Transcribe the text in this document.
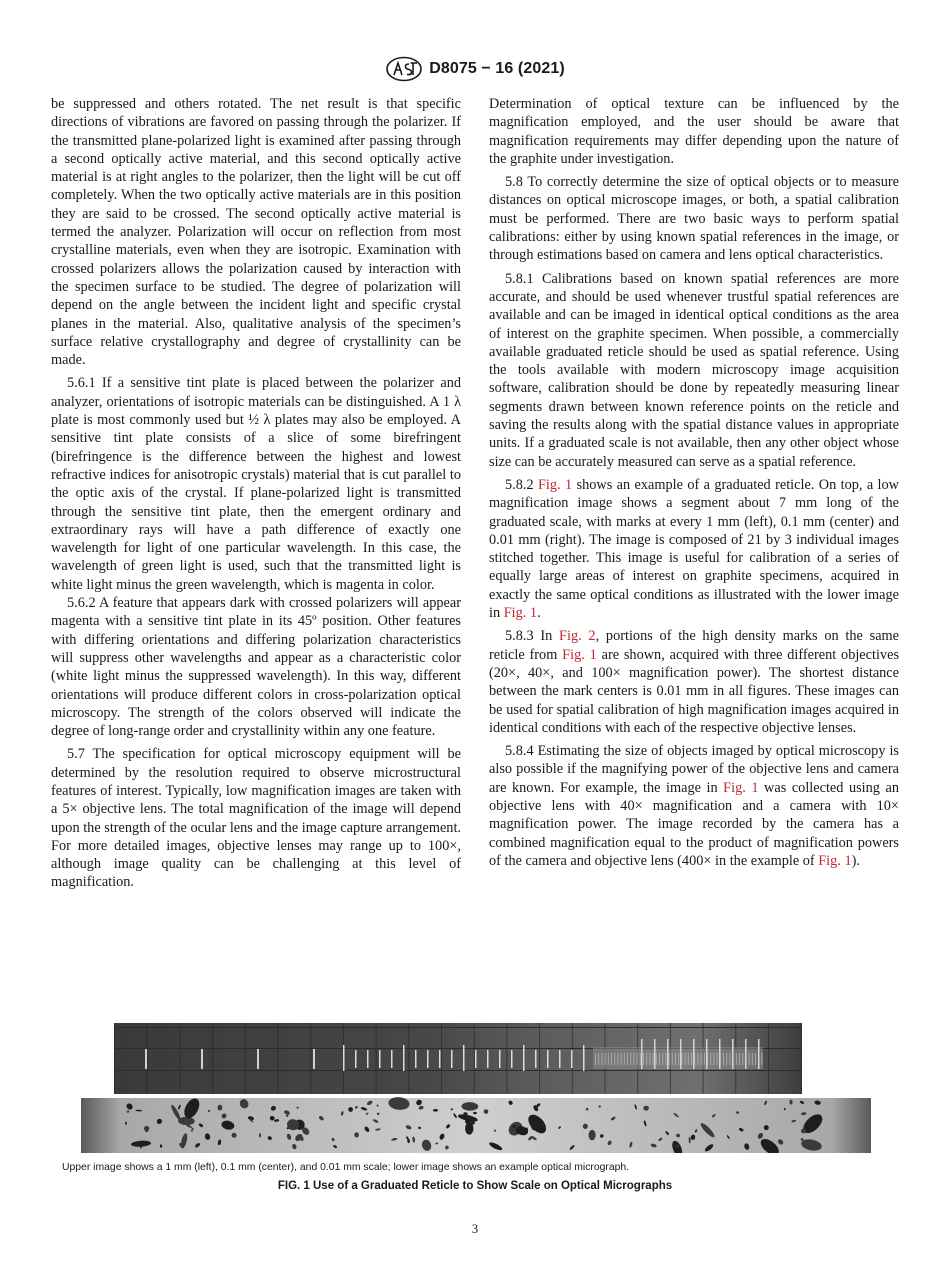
D8075 − 16 (2021)

be suppressed and others rotated. The net result is that specific directions of vibrations are favored on passing through the polarizer. If the transmitted plane-polarized light is examined after passing through a second optically active material, and this second optically active material is at right angles to the polarizer, then the light will be cut off completely. When the two optically active materials are in this position they are said to be crossed. The second optically active material is termed the analyzer. Polarization will occur on reflection from most crystalline materials, even when they are isotropic. Examination with crossed polarizers allows the polarization caused by interaction with the specimen surface to be studied. The degree of polarization will depend on the angle between the incident light and specific crystal planes in the material. Also, qualitative analysis of the specimen’s surface relative crystallography and degree of crystallinity can be made.

5.6.1 If a sensitive tint plate is placed between the polarizer and analyzer, orientations of isotropic materials can be distinguished. A 1 λ plate is most commonly used but ½ λ plates may also be employed. A sensitive tint plate consists of a slice of some birefringent (birefringence is the difference between the highest and lowest refractive indices for anisotropic crystals) material that is cut parallel to the optic axis of the crystal. If plane-polarized light is transmitted through the sensitive tint plate, then the emergent ordinary and extraordinary rays will have a path difference of exactly one wavelength for light of one particular wavelength. In this case, the wavelength of green light is used, such that the transmitted light is white light minus the green wavelength, which is magenta in color.

5.6.2 A feature that appears dark with crossed polarizers will appear magenta with a sensitive tint plate in its 45º position. Other features with differing orientations and differing polarization characteristics will suppress other wavelengths and appear as a characteristic color (white light minus the suppressed wavelength). In this way, different orientations will produce different colors in cross-polarization optical microscopy. The strength of the colors observed will indicate the degree of long-range order and crystallinity within any one feature.

5.7 The specification for optical microscopy equipment will be determined by the resolution required to observe microstructural features of interest. Typically, low magnification images are taken with a 5× objective lens. The total magnification of the image will depend upon the strength of the ocular lens and the image capture arrangement. For more detailed images, objective lenses may range up to 100×, although image quality can be challenging at this level of magnification.

Determination of optical texture can be influenced by the magnification employed, and the user should be aware that magnification requirements may differ depending upon the nature of the graphite under investigation.

5.8 To correctly determine the size of optical objects or to measure distances on optical microscope images, or both, a spatial calibration must be performed. There are two basic ways to perform spatial calibrations: either by using known spatial references in the image, or through estimations based on camera and lens optical characteristics.

5.8.1 Calibrations based on known spatial references are more accurate, and should be used whenever trustful spatial references are available and can be imaged in identical optical conditions as the area of interest on the graphite specimen. When possible, a commercially available graduated reticle should be used as spatial reference. Using the tools available with modern microscopy image acquisition software, calibration should be done by repeatedly measuring linear segments drawn between known reference points on the reticle and saving the results along with the spatial distance values in appropriate units. If a graduated scale is not available, then any other object whose size can be accurately measured can serve as a spatial reference.

5.8.2 Fig. 1 shows an example of a graduated reticle. On top, a low magnification image shows a segment about 7 mm long of the graduated scale, with marks at every 1 mm (left), 0.1 mm (center) and 0.01 mm (right). The image is composed of 21 by 3 individual images stitched together. This image is useful for calibration of a series of equally large areas of interest on graphite specimens, acquired in exactly the same optical conditions as illustrated with the lower image in Fig. 1.

5.8.3 In Fig. 2, portions of the high density marks on the same reticle from Fig. 1 are shown, acquired with three different objectives (20×, 40×, and 100× magnification power). The shortest distance between the mark centers is 0.01 mm in all figures. These images can be used for spatial calibration of high magnification images acquired in identical conditions with each of the respective objective lenses.

5.8.4 Estimating the size of objects imaged by optical microscopy is also possible if the magnifying power of the objective lens and camera are known. For example, the image in Fig. 1 was collected using an objective lens with 40× magnification and a camera with 10× magnification power. The image recorded by the camera has a combined magnification equal to the product of magnification powers of the camera and objective lens (400× in the example of Fig. 1).

Upper image shows a 1 mm (left), 0.1 mm (center), and 0.01 mm scale; lower image shows an example optical micrograph.
FIG. 1 Use of a Graduated Reticle to Show Scale on Optical Micrographs
3
